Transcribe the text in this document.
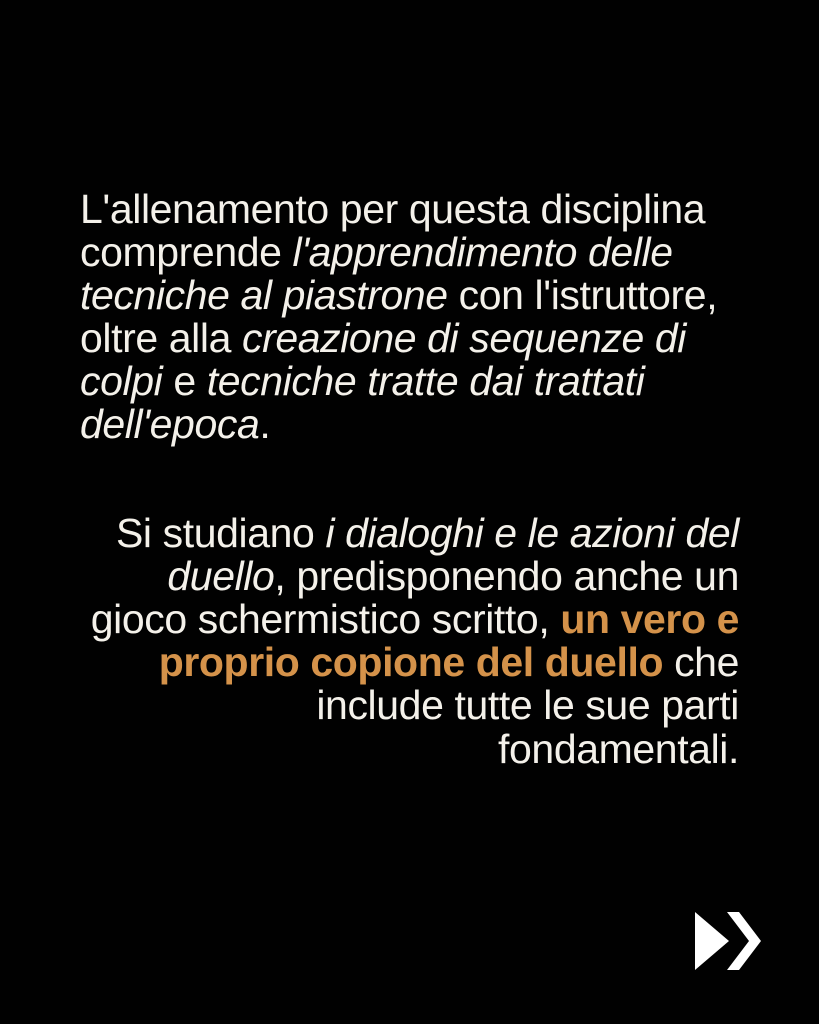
L'allenamento per questa disciplina comprende l'apprendimento delle tecniche al piastrone con l'istruttore, oltre alla creazione di sequenze di colpi e tecniche tratte dai trattati dell'epoca.

Si studiano i dialoghi e le azioni del duello, predisponendo anche un gioco schermistico scritto, un vero e proprio copione del duello che include tutte le sue parti fondamentali.
